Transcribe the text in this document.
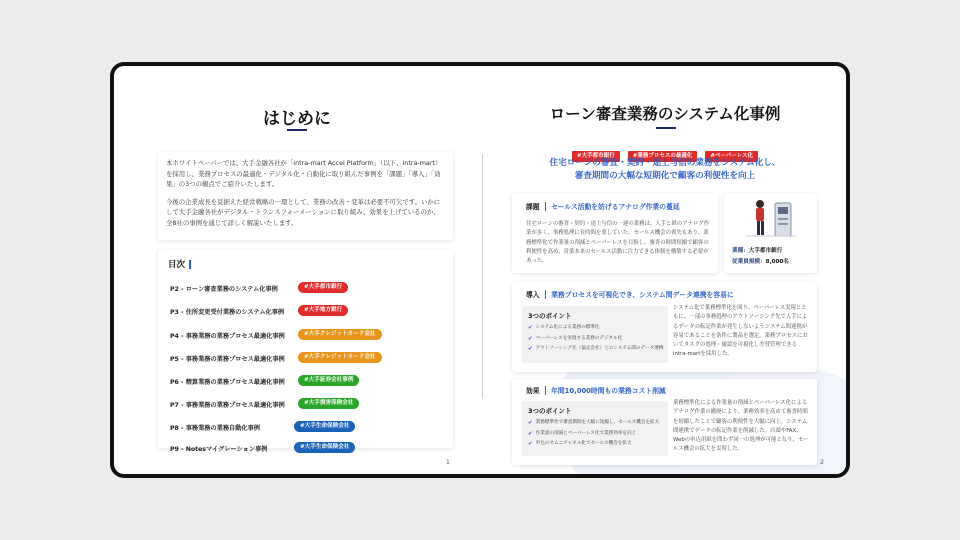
はじめに

本ホワイトペーパーでは、大手金融各社が「intra-mart Accel Platform」（以下、intra-mart）を採用し、業務プロセスの最適化・デジタル化・自動化に取り組んだ事例を「課題」「導入」「効果」の3つの観点でご紹介いたします。

今後の企業成長を見据えた経営戦略の一環として、業務の改善・変革は必要不可欠です。いかにして大手金融各社がデジタル・トランスフォーメーションに取り組み、効果を上げているのか、全8社の事例を通じて詳しく解説いたします。

目次
P2 - ローン審査業務のシステム化事例	#大手都市銀行
P3 - 住所変更受付業務のシステム化事例	#大手地方銀行
P4 - 事務業務の業務プロセス最適化事例	#大手クレジットカード会社
P5 - 事務業務の業務プロセス最適化事例	#大手クレジットカード会社
P6 - 精算業務の業務プロセス最適化事例	#大手証券会社事例
P7 - 事務業務の業務プロセス最適化事例	#大手損害保険会社
P8 - 事務業務の業務自動化事例	#大手生命保険会社
P9 - Notesマイグレーション事例	#大手生命保険会社
1
ローン審査業務のシステム化事例
#大手都市銀行	#業務プロセスの最適化	#ペーパーレス化
住宅ローンの審査・契約・途上与信の業務をシステム化し、
審査期間の大幅な短期化で顧客の利便性を向上
課題 セールス活動を妨げるアナログ作業の蔓延
住宅ローンの審査・契約・途上与信の一連の業務は、人手と紙のアナログ作業が多く、事務処理に長時間を要していた。セールス機会の喪失もあり、業務標準化で作業量の削減とペーパーレスを目指し、審査の時間短縮で顧客の利便性を高め、営業本来のセールス活動に注力できる体制を構築する必要があった。
業種：大手都市銀行
従業員規模：8,000名
導入 業務プロセスを可視化でき、システム間データ連携を容易に
3つのポイント
✔ システム化による業務の標準化
✔ ペーパーレスを実現する業務のデジタル化
✔ アウトソーシング先（協定会社）とのシステム間のデータ連携
システム化で業務標準化を図り、ペーパーレス実現とともに、一部の事務処理のアウトソーシング先で人手によるデータの転記作業が発生しないようシステム間連携が容易であることを条件に製品を選定。業務プロセスにおいてタスクの処理・確認を可視化し差替管理できるintra-martを採用した。
効果 年間10,000時間もの業務コスト削減
3つのポイント
✔ 業務標準化で審査期間を大幅に短縮し、セールス機会を拡大
✔ 作業量の削減とペーパーレス化で業務効率を向上
✔ 申込のオムニチャネル化でセールス機会を拡大
業務標準化による作業量の削減とペーパーレス化によるアナログ作業の撤廃により、業務効率を高めて審査時間を短縮したことで顧客の利便性を大幅に向上。システム間連携でデータの転記作業を削減した。店頭やFAX、Webの申込用紙を問わず同一の処理が可能となり、セールス機会の拡大を実現した。
2
